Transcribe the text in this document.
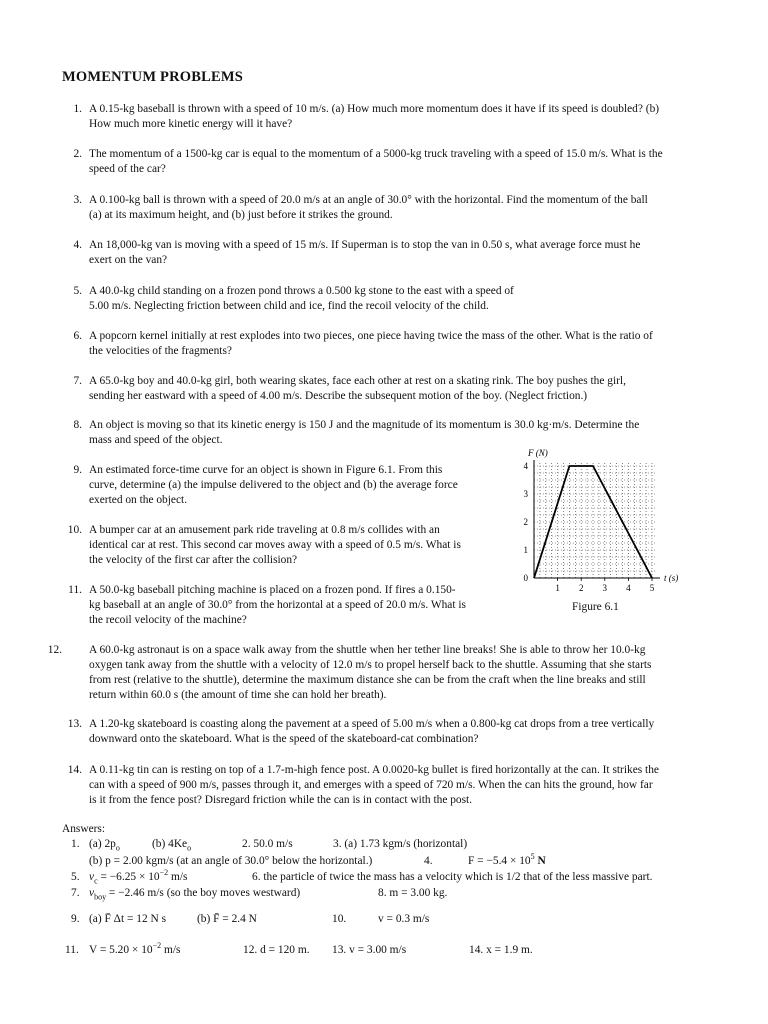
MOMENTUM PROBLEMS
1. A 0.15-kg baseball is thrown with a speed of 10 m/s. (a) How much more momentum does it have if its speed is doubled? (b)
How much more kinetic energy will it have?
2. The momentum of a 1500-kg car is equal to the momentum of a 5000-kg truck traveling with a speed of 15.0 m/s. What is the
speed of the car?
3. A 0.100-kg ball is thrown with a speed of 20.0 m/s at an angle of 30.0° with the horizontal. Find the momentum of the ball
(a) at its maximum height, and (b) just before it strikes the ground.
4. An 18,000-kg van is moving with a speed of 15 m/s. If Superman is to stop the van in 0.50 s, what average force must he
exert on the van?
5. A 40.0-kg child standing on a frozen pond throws a 0.500 kg stone to the east with a speed of
5.00 m/s. Neglecting friction between child and ice, find the recoil velocity of the child.
6. A popcorn kernel initially at rest explodes into two pieces, one piece having twice the mass of the other. What is the ratio of
the velocities of the fragments?
7. A 65.0-kg boy and 40.0-kg girl, both wearing skates, face each other at rest on a skating rink. The boy pushes the girl,
sending her eastward with a speed of 4.00 m/s. Describe the subsequent motion of the boy. (Neglect friction.)
8. An object is moving so that its kinetic energy is 150 J and the magnitude of its momentum is 30.0 kg·m/s. Determine the
mass and speed of the object.
9. An estimated force-time curve for an object is shown in Figure 6.1. From this
curve, determine (a) the impulse delivered to the object and (b) the average force
exerted on the object.
10. A bumper car at an amusement park ride traveling at 0.8 m/s collides with an
identical car at rest. This second car moves away with a speed of 0.5 m/s. What is
the velocity of the first car after the collision?
11. A 50.0-kg baseball pitching machine is placed on a frozen pond. If fires a 0.150-
kg baseball at an angle of 30.0° from the horizontal at a speed of 20.0 m/s. What is
the recoil velocity of the machine?
12. A 60.0-kg astronaut is on a space walk away from the shuttle when her tether line breaks! She is able to throw her 10.0-kg
oxygen tank away from the shuttle with a velocity of 12.0 m/s to propel herself back to the shuttle. Assuming that she starts
from rest (relative to the shuttle), determine the maximum distance she can be from the craft when the line breaks and still
return within 60.0 s (the amount of time she can hold her breath).
13. A 1.20-kg skateboard is coasting along the pavement at a speed of 5.00 m/s when a 0.800-kg cat drops from a tree vertically
downward onto the skateboard. What is the speed of the skateboard-cat combination?
14. A 0.11-kg tin can is resting on top of a 1.7-m-high fence post. A 0.0020-kg bullet is fired horizontally at the can. It strikes the
can with a speed of 900 m/s, passes through it, and emerges with a speed of 720 m/s. When the can hits the ground, how far
is it from the fence post? Disregard friction while the can is in contact with the post.
0
1
2
3
4
1 2 3 4 5
F (N)
t (s)
Figure 6.1
Answers:
1. (a) $2p_o$	(b) $4Ke_o$	2. 50.0 m/s	3. (a) 1.73 kgm/s (horizontal)
(b) p = 2.00 kgm/s (at an angle of 30.0° below the horizontal.)	4.	$F = -5.4 \times 10^5$ N
5. $v_c = -6.25 \times 10^{-2}$ m/s	6. the particle of twice the mass has a velocity which is 1/2 that of the less massive part.
7. $v_{boy} = -2.46$ m/s (so the boy moves westward)	8. m = 3.00 kg.
9. (a) F̄ Δt = 12 N s	(b) F̄ = 2.4 N	10.	v = 0.3 m/s
11. $V = 5.20 \times 10^{-2}$ m/s	12. d = 120 m. 13. v = 3.00 m/s	14. x = 1.9 m.
